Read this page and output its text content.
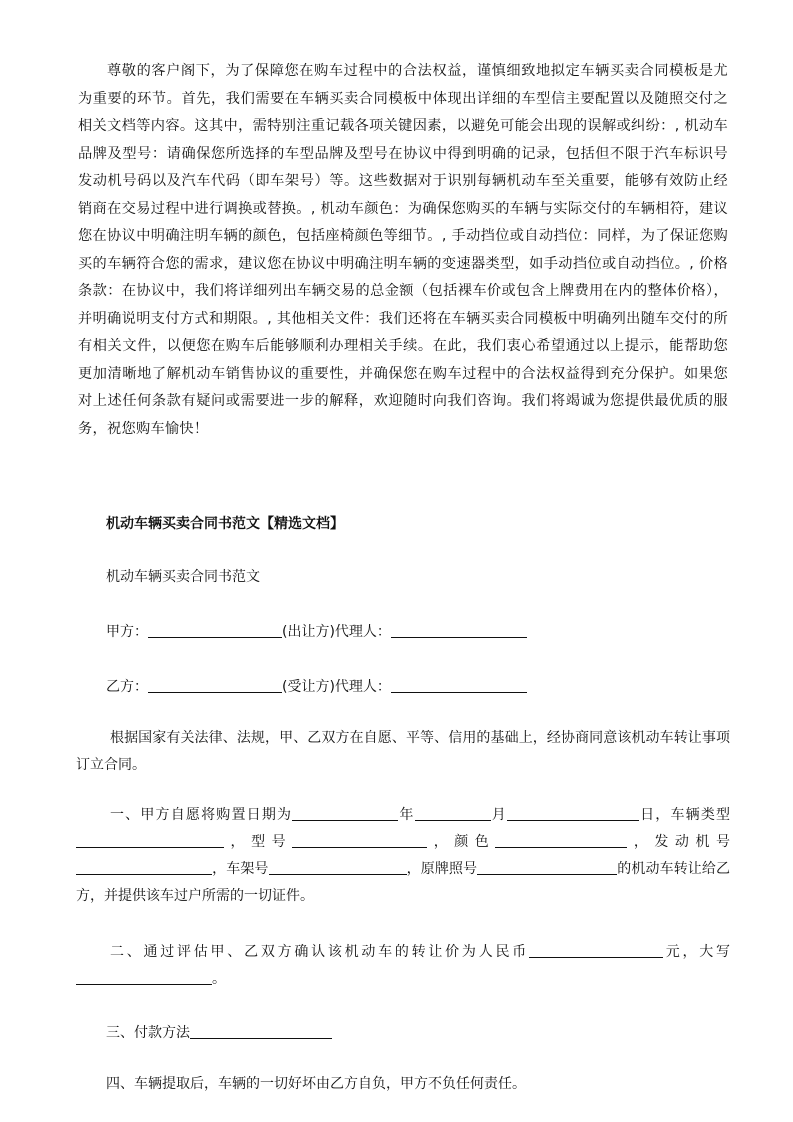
尊敬的客户阁下，为了保障您在购车过程中的合法权益，谨慎细致地拟定车辆买卖合同模板是尤为重要的环节。首先，我们需要在车辆买卖合同模板中体现出详细的车型信主要配置以及随照交付之相关文档等内容。这其中，需特别注重记载各项关键因素，以避免可能会出现的误解或纠纷：, 机动车品牌及型号：请确保您所选择的车型品牌及型号在协议中得到明确的记录，包括但不限于汽车标识号发动机号码以及汽车代码（即车架号）等。这些数据对于识别每辆机动车至关重要，能够有效防止经销商在交易过程中进行调换或替换。, 机动车颜色：为确保您购买的车辆与实际交付的车辆相符，建议您在协议中明确注明车辆的颜色，包括座椅颜色等细节。, 手动挡位或自动挡位：同样，为了保证您购买的车辆符合您的需求，建议您在协议中明确注明车辆的变速器类型，如手动挡位或自动挡位。, 价格条款：在协议中，我们将详细列出车辆交易的总金额（包括裸车价或包含上牌费用在内的整体价格），并明确说明支付方式和期限。, 其他相关文件：我们还将在车辆买卖合同模板中明确列出随车交付的所有相关文件，以便您在购车后能够顺利办理相关手续。在此，我们衷心希望通过以上提示，能帮助您更加清晰地了解机动车销售协议的重要性，并确保您在购车过程中的合法权益得到充分保护。如果您对上述任何条款有疑问或需要进一步的解释，欢迎随时向我们咨询。我们将竭诚为您提供最优质的服务，祝您购车愉快！

机动车辆买卖合同书范文【精选文档】
机动车辆买卖合同书范文
甲方：	(出让方)代理人：
乙方：	(受让方)代理人：

根据国家有关法律、法规，甲、乙双方在自愿、平等、信用的基础上，经协商同意该机动车转让事项订立合同。

一、甲方自愿将购置日期为	年	月	日，车辆类型，型号	，颜色	，发动机号，车架号	，原牌照号	的机动车转让给乙方，并提供该车过户所需的一切证件。

二、通过评估甲、乙双方确认该机动车的转让价为人民币	元，大写。

三、付款方法
四、车辆提取后，车辆的一切好坏由乙方自负，甲方不负任何责任。
